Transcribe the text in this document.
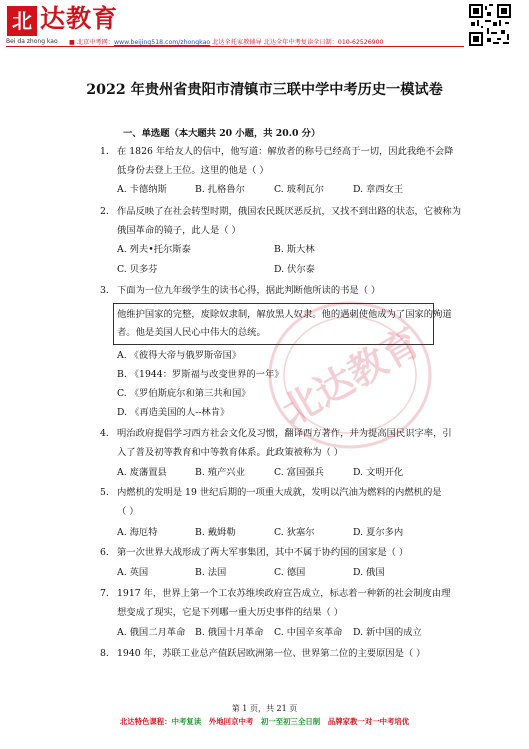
北 达教育
Bei da zhong kao ■ 北京中考网：www.beijing518.com/zhongkao 北达全托家教辅导 北达全年中考复读全日制：010-62526900
2022 年贵州省贵阳市清镇市三联中学中考历史一模试卷
一、单选题（本大题共 20 小题，共 20.0 分）
1. 在 1826 年给友人的信中，他写道：解放者的称号已经高于一切，因此我绝不会降
低身份去登上王位。这里的他是（ ）
A. 卡德纳斯	B. 扎格鲁尔	C. 玻利瓦尔	D. 章西女王
2. 作品反映了在社会转型时期，俄国农民既厌恶反抗，又找不到出路的状态，它被称为
俄国革命的镜子，此人是（ ）
A. 列夫•托尔斯泰	B. 斯大林
C. 贝多芬	D. 伏尔泰
3. 下面为一位九年级学生的读书心得，据此判断他所读的书是（ ）
他维护国家的完整，废除奴隶制，解放黑人奴隶。他的遇刺使他成为了国家的殉道
者。他是美国人民心中伟大的总统。
A. 《彼得大帝与俄罗斯帝国》
B. 《1944：罗斯福与改变世界的一年》
C. 《罗伯斯庇尔和第三共和国》
D. 《再造美国的人--林肯》
4. 明治政府提倡学习西方社会文化及习惯，翻译西方著作，并为提高国民识字率，引
入了普及初等教育和中等教育体系。此政策被称为（ ）
A. 废藩置县	B. 殖产兴业	C. 富国强兵	D. 文明开化
5. 内燃机的发明是 19 世纪后期的一项重大成就，发明以汽油为燃料的内燃机的是
（ ）
A. 海厄特	B. 戴姆勒	C. 狄塞尔	D. 夏尔多内
6. 第一次世界大战形成了两大军事集团，其中不属于协约国的国家是（ ）
A. 英国	B. 法国	C. 德国	D. 俄国
7. 1917 年，世界上第一个工农苏维埃政府宣告成立，标志着一种新的社会制度由理
想变成了现实，它是下列哪一重大历史事件的结果（ ）
A. 俄国二月革命 B. 俄国十月革命 C. 中国辛亥革命 D. 新中国的成立
8. 1940 年，苏联工业总产值跃居欧洲第一位、世界第二位的主要原因是（ ）
北达教育
第 1 页，共 21 页
北达特色课程：中考复读 外地回京中考 初一至初三全日制 品牌家教一对一中考培优
